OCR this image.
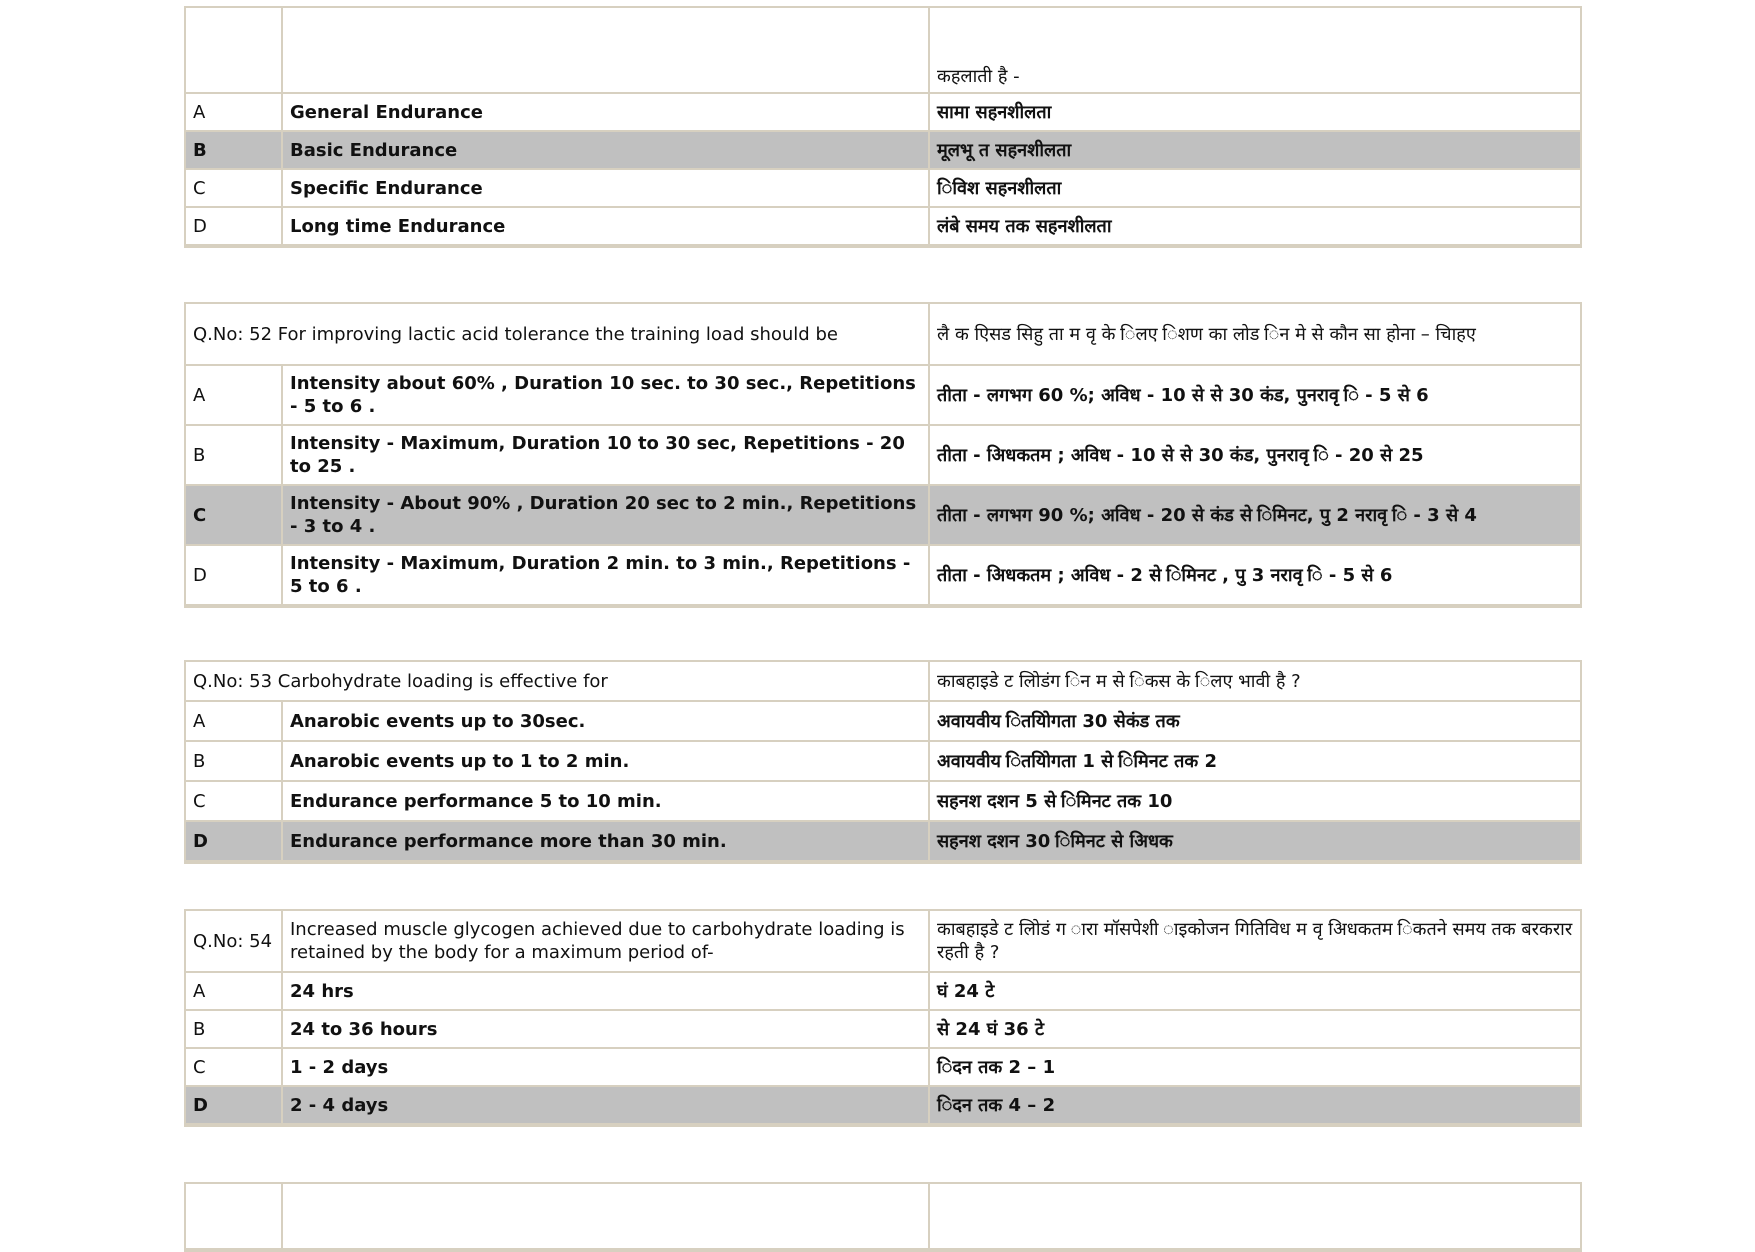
		कहलाती है -
A	General Endurance	सामा सहनशीलता
B	Basic Endurance	मूलभू त सहनशीलता
C	Specific Endurance	िविश सहनशीलता
D	Long time Endurance	लंबे समय तक सहनशीलता
Q.No: 52 For improving lactic acid tolerance the training load should be		लै क एिसड सिहु ता म वृ के िलए िशण का लोड िन मे से कौन सा होना – चािहए
A	Intensity about 60% , Duration 10 sec. to 30 sec., Repetitions - 5 to 6 .	तीता - लगभग 60 %; अविध - 10 से से 30 कंड, पुनरावृ ि - 5 से 6
B	Intensity - Maximum, Duration 10 to 30 sec, Repetitions - 20 to 25 .	तीता - अिधकतम ; अविध - 10 से से 30 कंड, पुनरावृ ि - 20 से 25
C	Intensity - About 90% , Duration 20 sec to 2 min., Repetitions - 3 to 4 .	तीता - लगभग 90 %; अविध - 20 से कंड से िमिनट, पु 2 नरावृ ि - 3 से 4
D	Intensity - Maximum, Duration 2 min. to 3 min., Repetitions - 5 to 6 .	तीता - अिधकतम ; अविध - 2 से िमिनट , पु 3 नरावृ ि - 5 से 6
Q.No: 53 Carbohydrate loading is effective for		काबहाइडे ट लोिडंग िन म से िकस के िलए भावी है ?
A	Anarobic events up to 30sec.	अवायवीय ितयोिगता 30 सेकंड तक
B	Anarobic events up to 1 to 2 min.	अवायवीय ितयोिगता 1 से िमिनट तक 2
C	Endurance performance 5 to 10 min.	सहनश दशन 5 से िमिनट तक 10
D	Endurance performance more than 30 min.	सहनश दशन 30 िमिनट से अिधक
Q.No: 54	Increased muscle glycogen achieved due to carbohydrate loading is retained by the body for a maximum period of-	काबहाइडे ट लोिडं ग ारा मॉसपेशी ाइकोजन गितिविध म वृ अिधकतम िकतने समय तक बरकरार रहती है ?
A	24 hrs	घं 24 टे
B	24 to 36 hours	से 24 घं 36 टे
C	1 - 2 days	िदन तक 2 – 1
D	2 - 4 days	िदन तक 4 – 2
